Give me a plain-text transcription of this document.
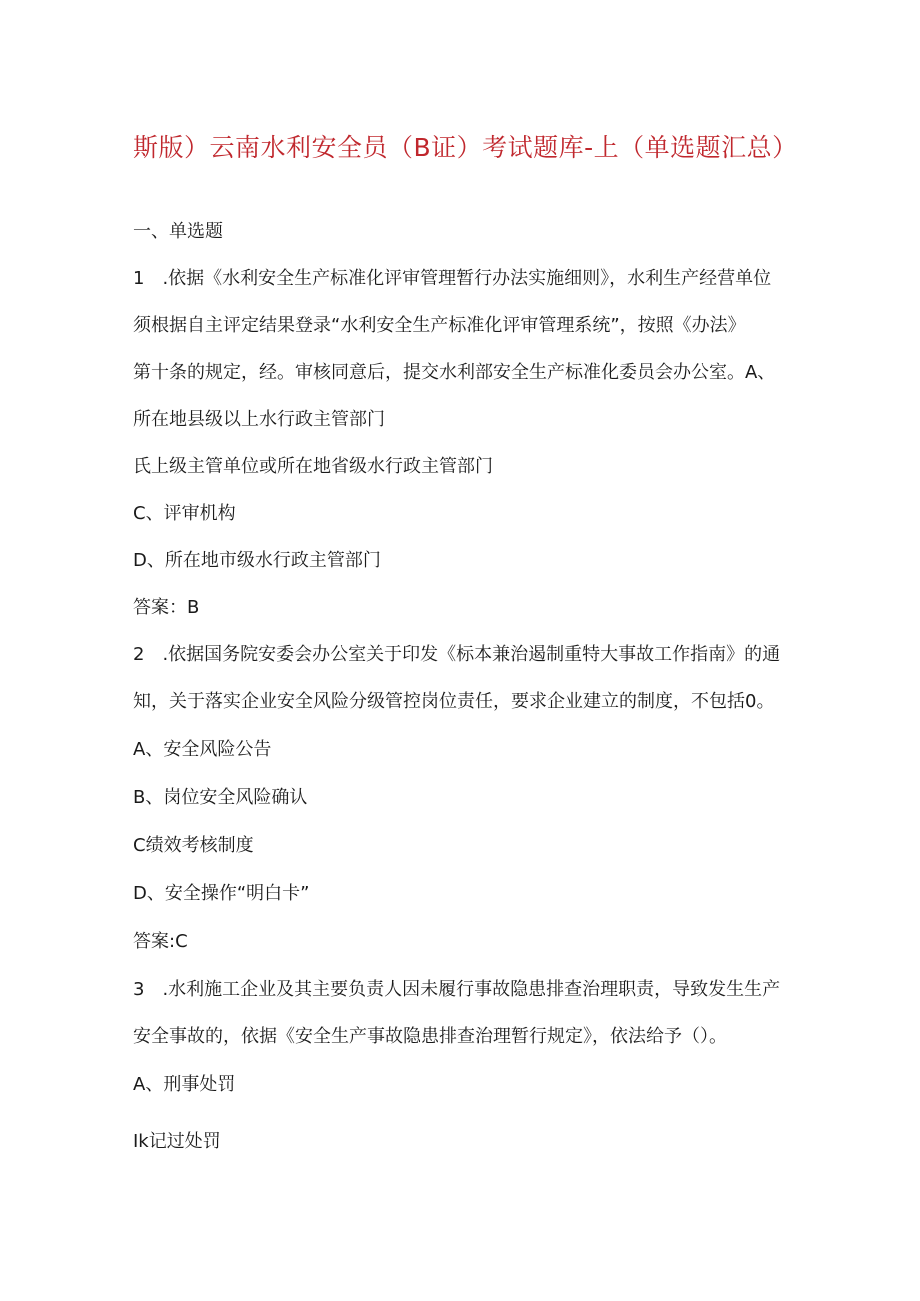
斯版）云南水利安全员（B证）考试题库-上（单选题汇总）
一、单选题
1　.依据《水利安全生产标准化评审管理暂行办法实施细则》，水利生产经营单位
须根据自主评定结果登录“水利安全生产标准化评审管理系统”，按照《办法》
第十条的规定，经。审核同意后，提交水利部安全生产标准化委员会办公室。A、
所在地县级以上水行政主管部门
氏上级主管单位或所在地省级水行政主管部门
C、评审机构
D、所在地市级水行政主管部门
答案：B
2　.依据国务院安委会办公室关于印发《标本兼治遏制重特大事故工作指南》的通
知，关于落实企业安全风险分级管控岗位责任，要求企业建立的制度，不包括0。
A、安全风险公告
B、岗位安全风险确认
C绩效考核制度
D、安全操作“明白卡”
答案:C
3　.水利施工企业及其主要负责人因未履行事故隐患排查治理职责，导致发生生产
安全事故的，依据《安全生产事故隐患排查治理暂行规定》，依法给予（）。
A、刑事处罚
Ik记过处罚
